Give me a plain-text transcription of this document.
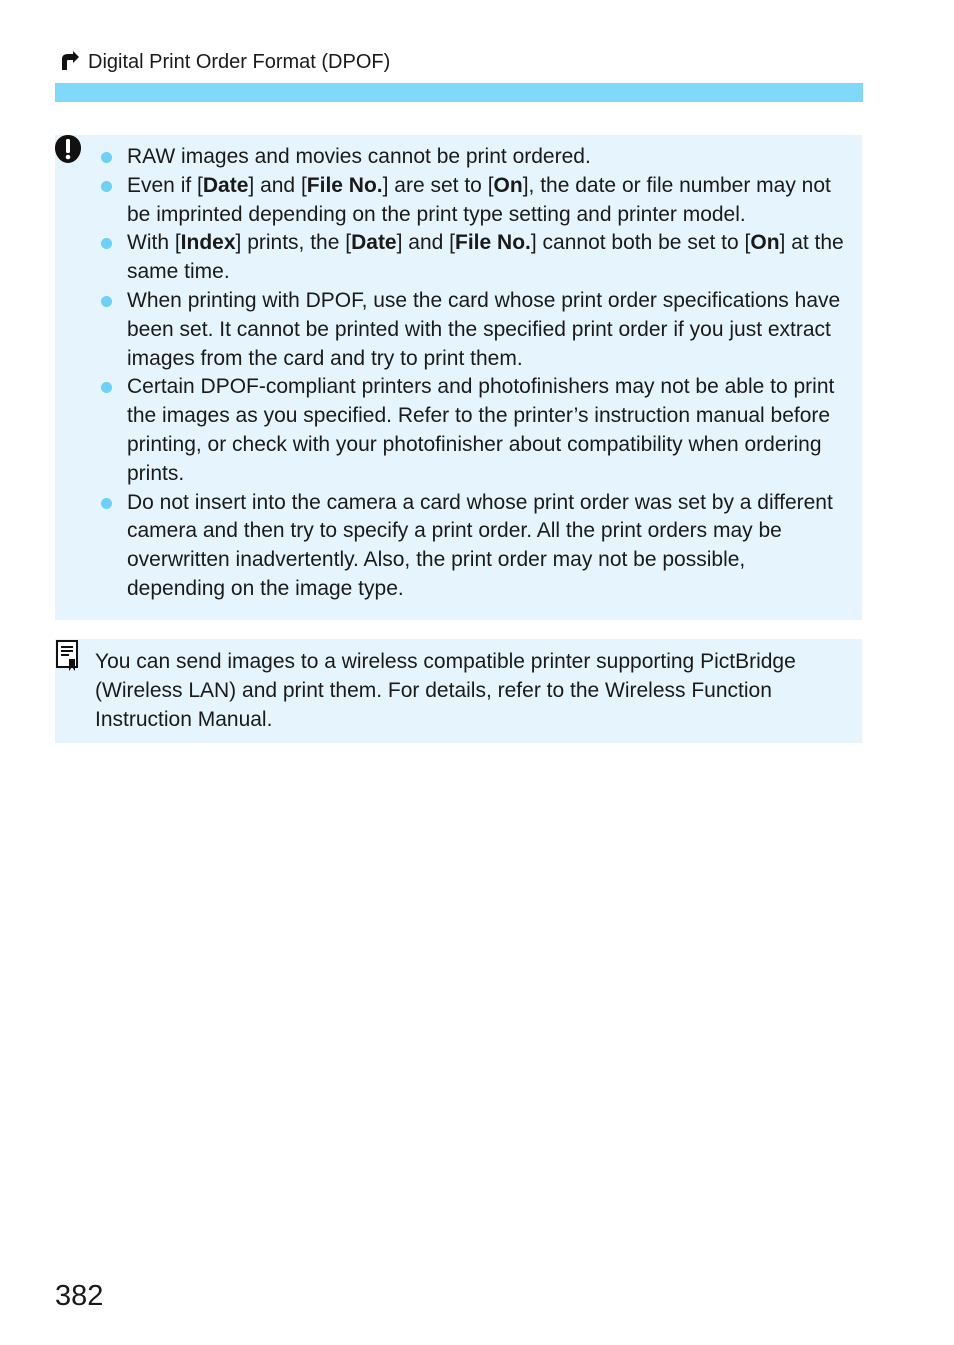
Digital Print Order Format (DPOF)
RAW images and movies cannot be print ordered.
Even if [Date] and [File No.] are set to [On], the date or file number may not be imprinted depending on the print type setting and printer model.
With [Index] prints, the [Date] and [File No.] cannot both be set to [On] at the same time.
When printing with DPOF, use the card whose print order specifications have been set. It cannot be printed with the specified print order if you just extract images from the card and try to print them.
Certain DPOF-compliant printers and photofinishers may not be able to print the images as you specified. Refer to the printer’s instruction manual before printing, or check with your photofinisher about compatibility when ordering prints.
Do not insert into the camera a card whose print order was set by a different camera and then try to specify a print order. All the print orders may be overwritten inadvertently. Also, the print order may not be possible, depending on the image type.
You can send images to a wireless compatible printer supporting PictBridge (Wireless LAN) and print them. For details, refer to the Wireless Function Instruction Manual.
382
